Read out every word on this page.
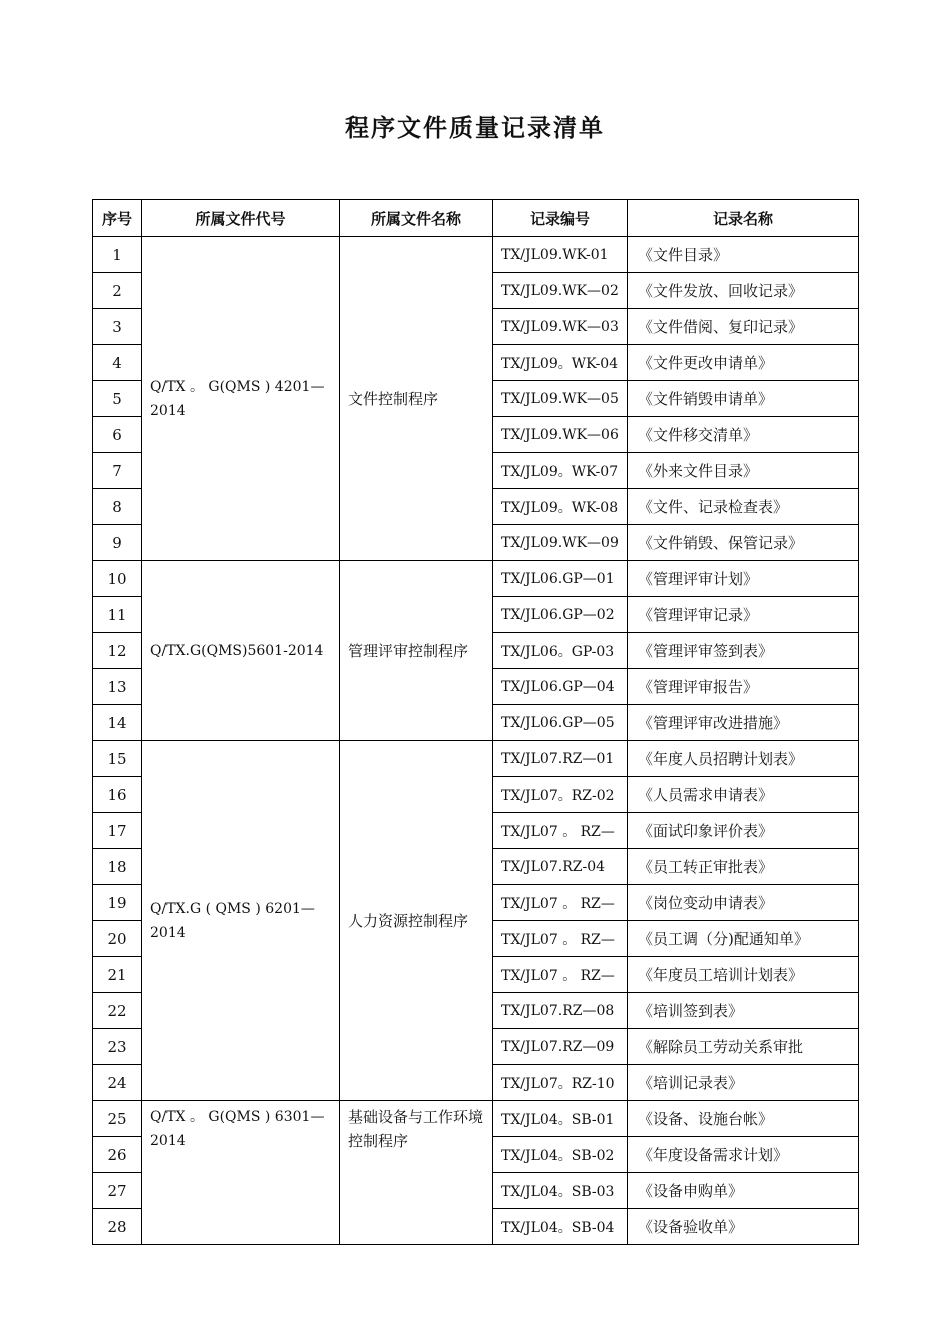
程序文件质量记录清单
序号	所属文件代号	所属文件名称	记录编号	记录名称
1	Q/TX 。 G(QMS ) 4201—2014	文件控制程序	TX/JL09.WK-01	《文件目录》
2			TX/JL09.WK—02	《文件发放、回收记录》
3			TX/JL09.WK—03	《文件借阅、复印记录》
4			TX/JL09。WK-04	《文件更改申请单》
5			TX/JL09.WK—05	《文件销毁申请单》
6			TX/JL09.WK—06	《文件移交清单》
7			TX/JL09。WK-07	《外来文件目录》
8			TX/JL09。WK-08	《文件、记录检查表》
9			TX/JL09.WK—09	《文件销毁、保管记录》
10	Q/TX.G(QMS)5601-2014	管理评审控制程序	TX/JL06.GP—01	《管理评审计划》
11			TX/JL06.GP—02	《管理评审记录》
12			TX/JL06。GP-03	《管理评审签到表》
13			TX/JL06.GP—04	《管理评审报告》
14			TX/JL06.GP—05	《管理评审改进措施》
15	Q/TX.G ( QMS ) 6201—2014	人力资源控制程序	TX/JL07.RZ—01	《年度人员招聘计划表》
16			TX/JL07。RZ-02	《人员需求申请表》
17			TX/JL07 。 RZ—	《面试印象评价表》
18			TX/JL07.RZ-04	《员工转正审批表》
19			TX/JL07 。 RZ—	《岗位变动申请表》
20			TX/JL07 。 RZ—	《员工调（分)配通知单》
21			TX/JL07 。 RZ—	《年度员工培训计划表》
22			TX/JL07.RZ—08	《培训签到表》
23			TX/JL07.RZ—09	《解除员工劳动关系审批
24			TX/JL07。RZ-10	《培训记录表》
25	Q/TX 。 G(QMS ) 6301—2014	基础设备与工作环境控制程序	TX/JL04。SB-01	《设备、设施台帐》
26			TX/JL04。SB-02	《年度设备需求计划》
27			TX/JL04。SB-03	《设备申购单》
28			TX/JL04。SB-04	《设备验收单》
